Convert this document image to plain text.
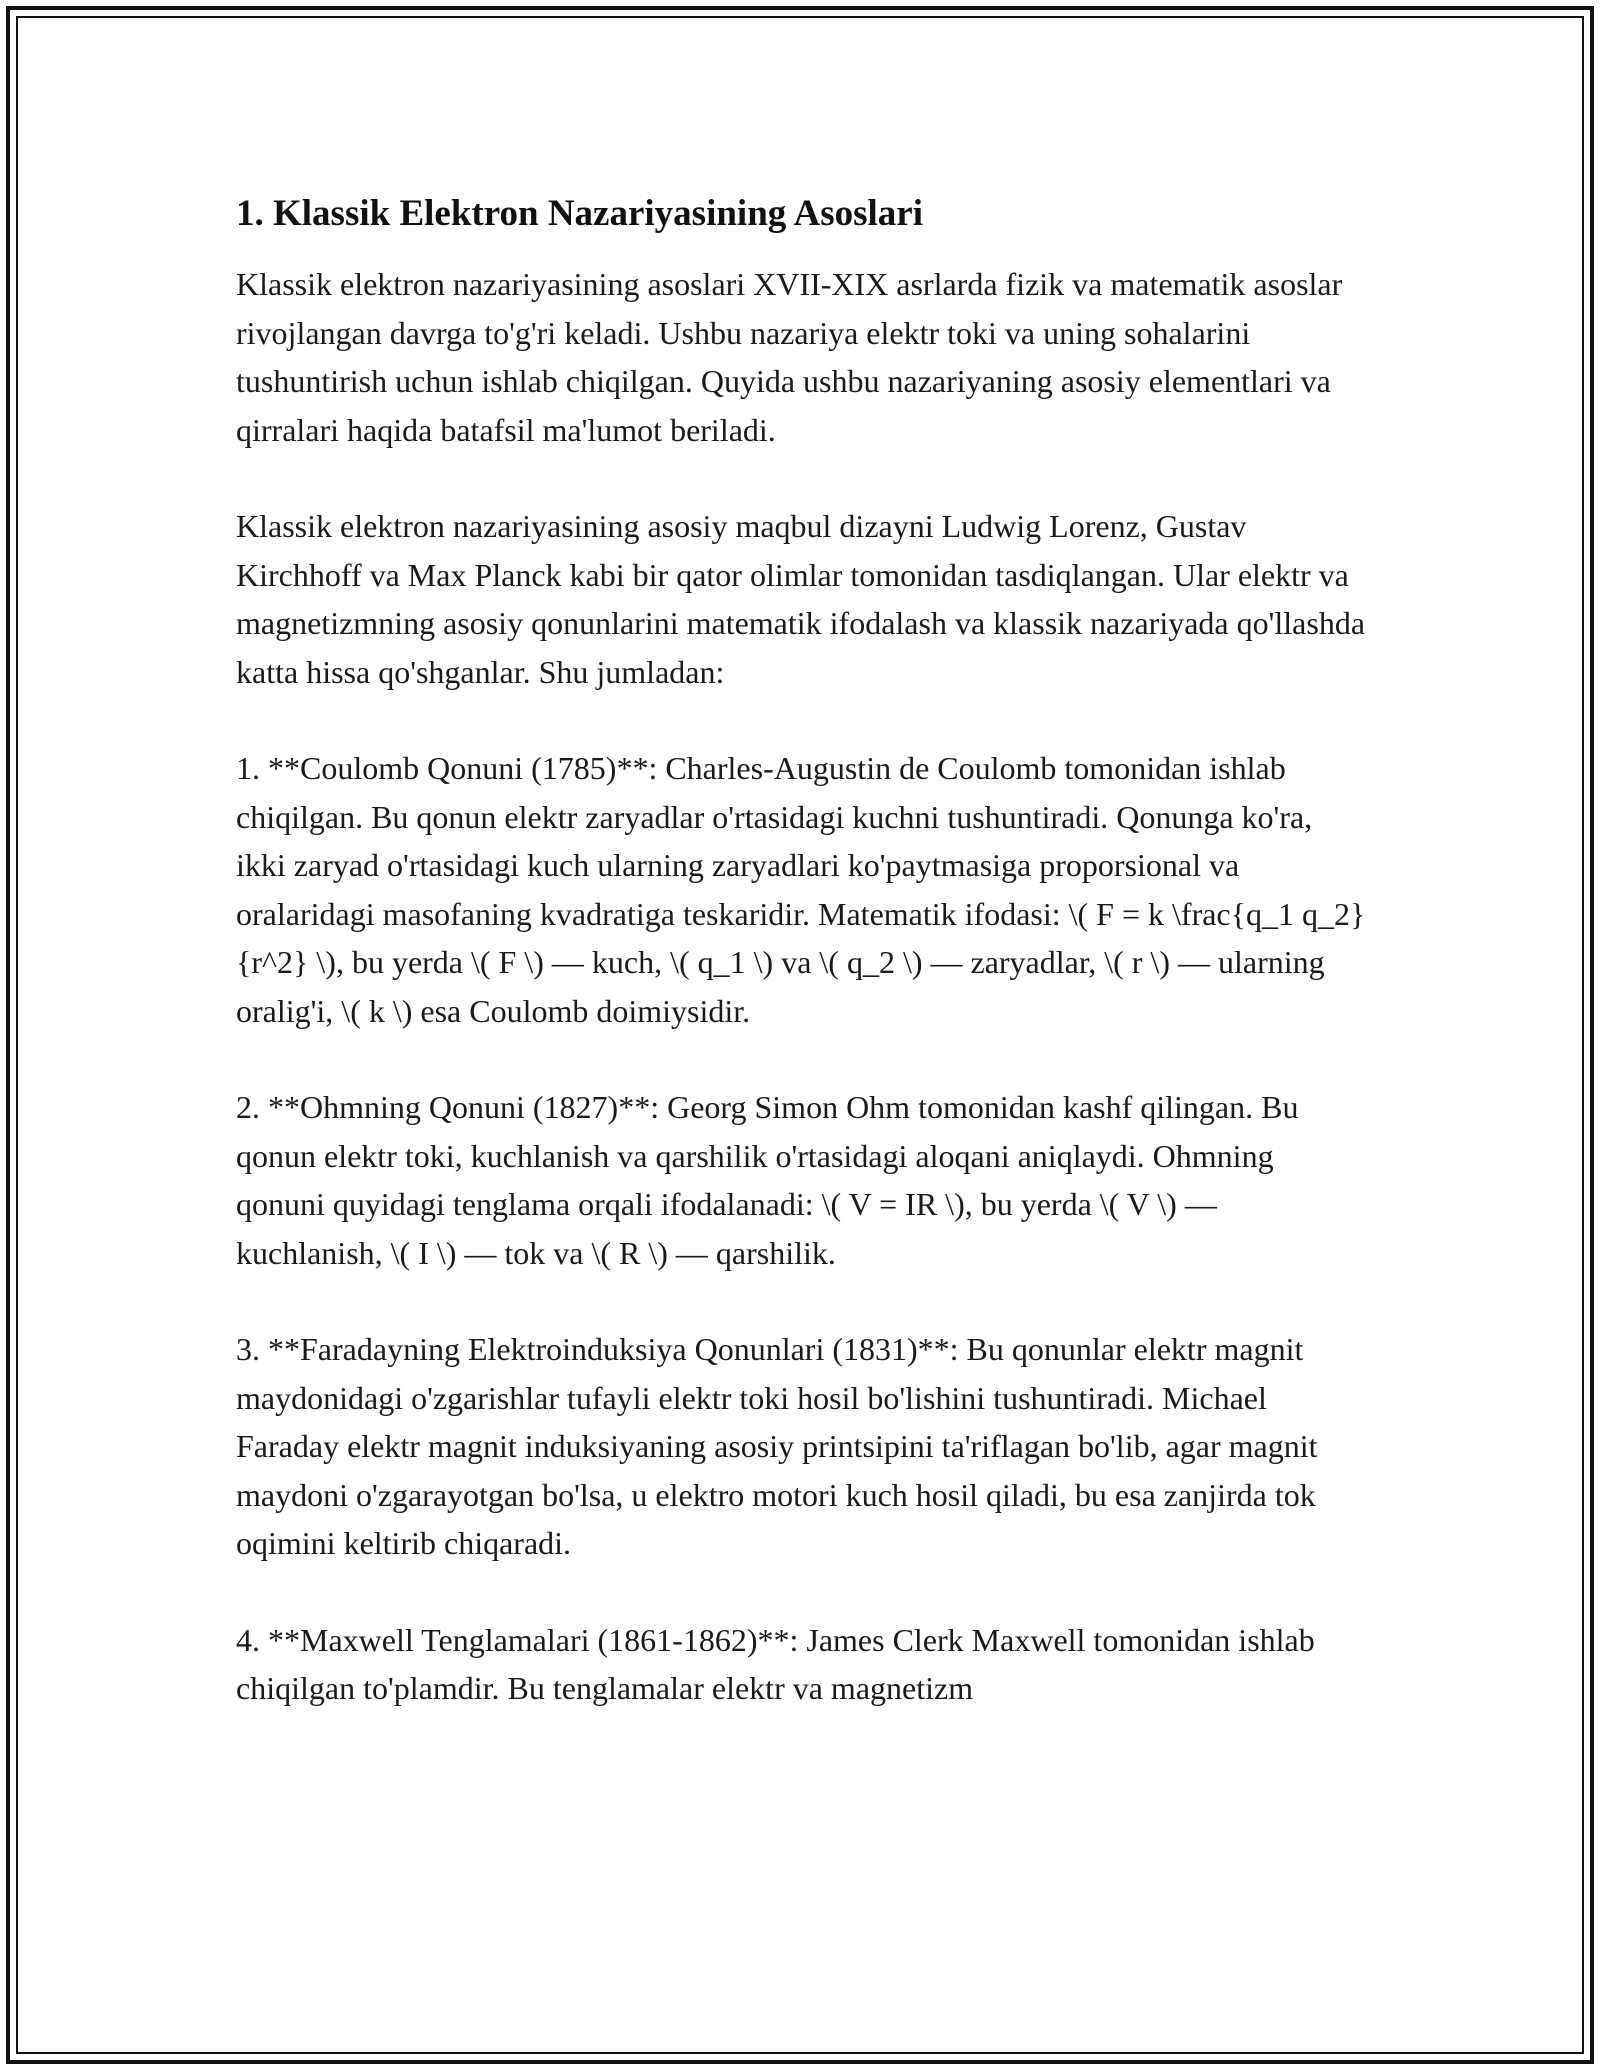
1. Klassik Elektron Nazariyasining Asoslari

Klassik elektron nazariyasining asoslari XVII-XIX asrlarda fizik va matematik asoslar rivojlangan davrga to'g'ri keladi. Ushbu nazariya elektr toki va uning sohalarini tushuntirish uchun ishlab chiqilgan. Quyida ushbu nazariyaning asosiy elementlari va qirralari haqida batafsil ma'lumot beriladi.

Klassik elektron nazariyasining asosiy maqbul dizayni Ludwig Lorenz, Gustav Kirchhoff va Max Planck kabi bir qator olimlar tomonidan tasdiqlangan. Ular elektr va magnetizmning asosiy qonunlarini matematik ifodalash va klassik nazariyada qo'llashda katta hissa qo'shganlar. Shu jumladan:

1. **Coulomb Qonuni (1785)**: Charles-Augustin de Coulomb tomonidan ishlab chiqilgan. Bu qonun elektr zaryadlar o'rtasidagi kuchni tushuntiradi. Qonunga ko'ra, ikki zaryad o'rtasidagi kuch ularning zaryadlari ko'paytmasiga proporsional va oralaridagi masofaning kvadratiga teskaridir. Matematik ifodasi: \( F = k \frac{q_1 q_2}{r^2} \), bu yerda \( F \) — kuch, \( q_1 \) va \( q_2 \) — zaryadlar, \( r \) — ularning oralig'i, \( k \) esa Coulomb doimiysidir.

2. **Ohmning Qonuni (1827)**: Georg Simon Ohm tomonidan kashf qilingan. Bu qonun elektr toki, kuchlanish va qarshilik o'rtasidagi aloqani aniqlaydi. Ohmning qonuni quyidagi tenglama orqali ifodalanadi: \( V = IR \), bu yerda \( V \) — kuchlanish, \( I \) — tok va \( R \) — qarshilik.

3. **Faradayning Elektroinduksiya Qonunlari (1831)**: Bu qonunlar elektr magnit maydonidagi o'zgarishlar tufayli elektr toki hosil bo'lishini tushuntiradi. Michael Faraday elektr magnit induksiyaning asosiy printsipini ta'riflagan bo'lib, agar magnit maydoni o'zgarayotgan bo'lsa, u elektro motori kuch hosil qiladi, bu esa zanjirda tok oqimini keltirib chiqaradi.

4. **Maxwell Tenglamalari (1861-1862)**: James Clerk Maxwell tomonidan ishlab chiqilgan to'plamdir. Bu tenglamalar elektr va magnetizm
